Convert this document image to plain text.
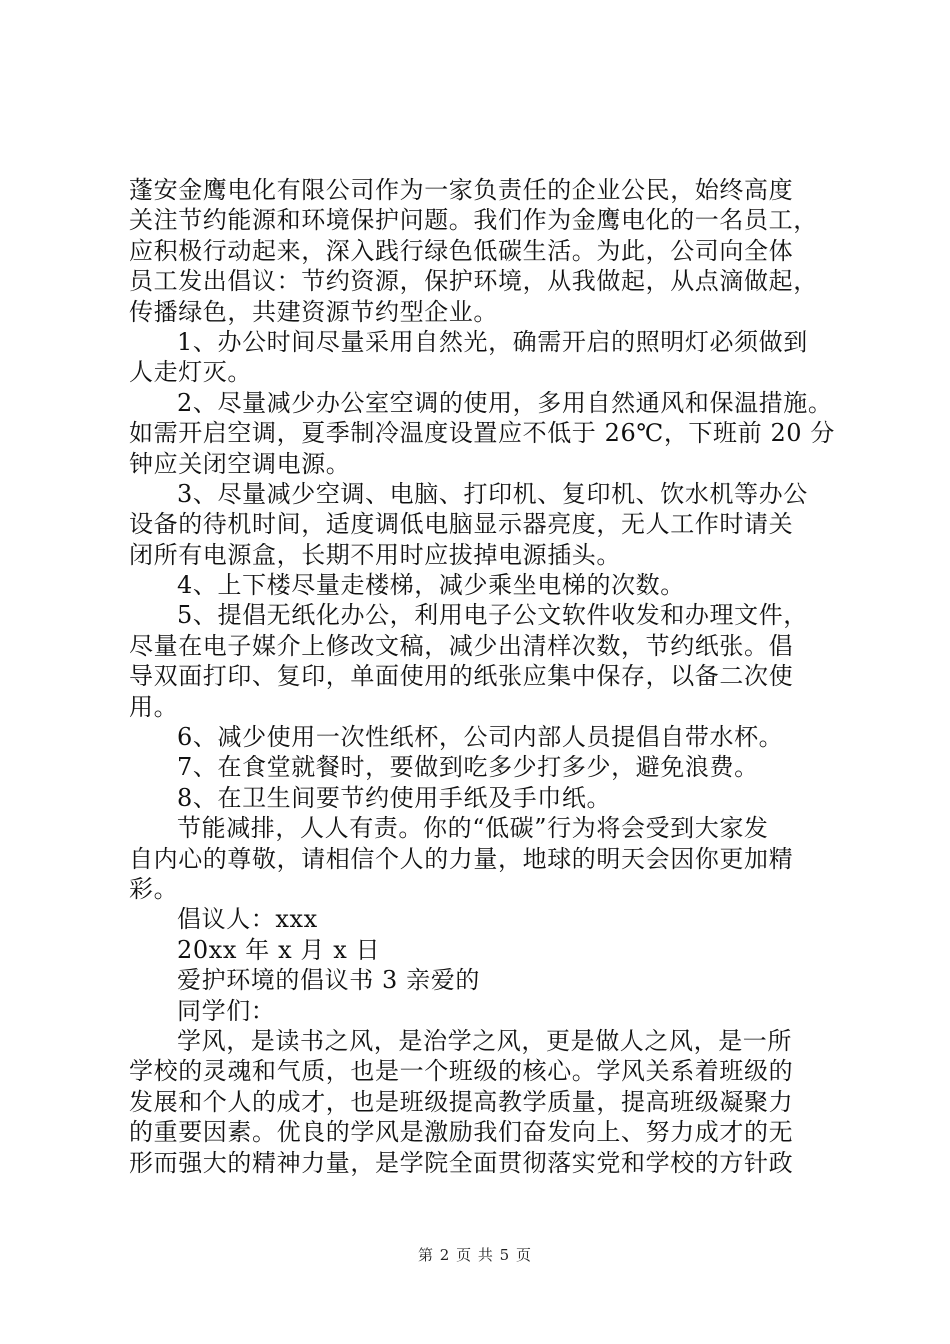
蓬安金鹰电化有限公司作为一家负责任的企业公民，始终高度
关注节约能源和环境保护问题。我们作为金鹰电化的一名员工，
应积极行动起来，深入践行绿色低碳生活。为此，公司向全体
员工发出倡议：节约资源，保护环境，从我做起，从点滴做起，
传播绿色，共建资源节约型企业。
1、办公时间尽量采用自然光，确需开启的照明灯必须做到
人走灯灭。
2、尽量减少办公室空调的使用，多用自然通风和保温措施。
如需开启空调，夏季制冷温度设置应不低于 26℃，下班前 20 分
钟应关闭空调电源。
3、尽量减少空调、电脑、打印机、复印机、饮水机等办公
设备的待机时间，适度调低电脑显示器亮度，无人工作时请关
闭所有电源盒，长期不用时应拔掉电源插头。
4、上下楼尽量走楼梯，减少乘坐电梯的次数。
5、提倡无纸化办公，利用电子公文软件收发和办理文件，
尽量在电子媒介上修改文稿，减少出清样次数，节约纸张。倡
导双面打印、复印，单面使用的纸张应集中保存，以备二次使
用。
6、减少使用一次性纸杯，公司内部人员提倡自带水杯。
7、在食堂就餐时，要做到吃多少打多少，避免浪费。
8、在卫生间要节约使用手纸及手巾纸。
节能减排，人人有责。你的“低碳”行为将会受到大家发
自内心的尊敬，请相信个人的力量，地球的明天会因你更加精
彩。
倡议人：xxx
20xx 年 x 月 x 日
爱护环境的倡议书 3 亲爱的
同学们：
学风，是读书之风，是治学之风，更是做人之风，是一所
学校的灵魂和气质，也是一个班级的核心。学风关系着班级的
发展和个人的成才，也是班级提高教学质量，提高班级凝聚力
的重要因素。优良的学风是激励我们奋发向上、努力成才的无
形而强大的精神力量，是学院全面贯彻落实党和学校的方针政
第 2 页 共 5 页
